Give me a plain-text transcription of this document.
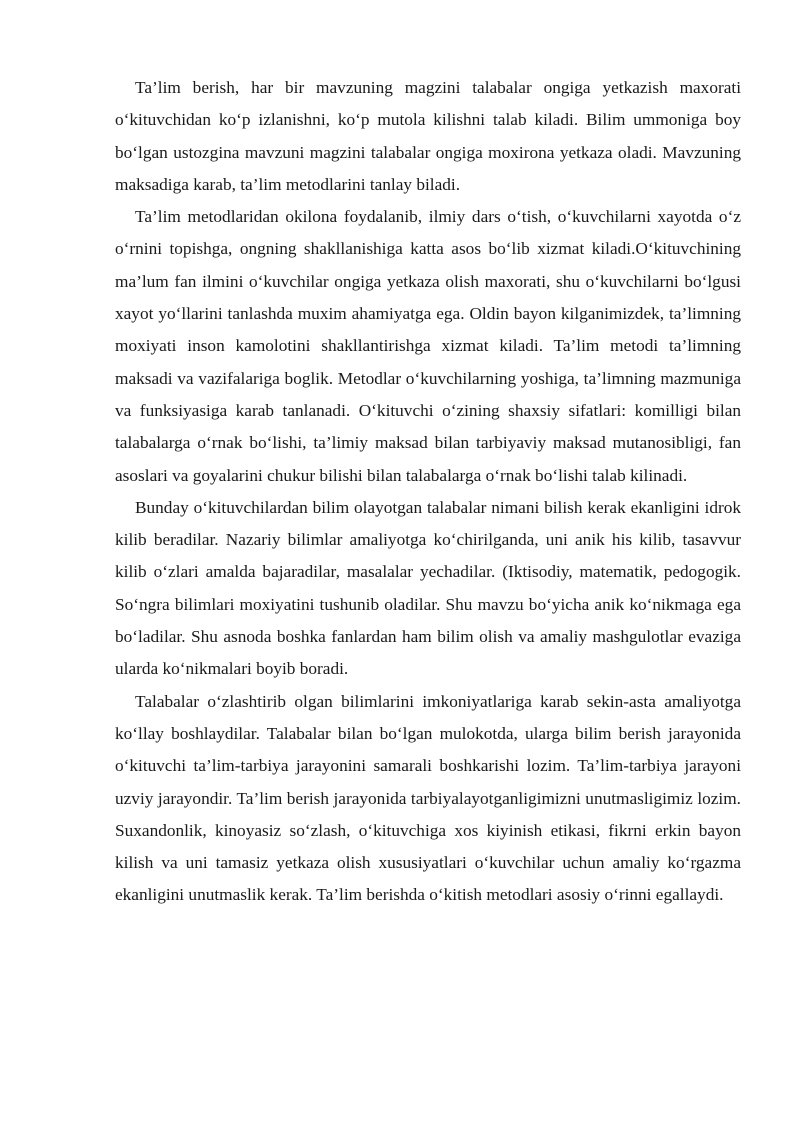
Ta’lim berish, har bir mavzuning magzini talabalar ongiga yetkazish maxorati o‘kituvchidan ko‘p izlanishni, ko‘p mutola kilishni talab kiladi. Bilim ummoniga boy bo‘lgan ustozgina mavzuni magzini talabalar ongiga moxirona yetkaza oladi. Mavzuning maksadiga karab, ta’lim metodlarini tanlay biladi.

Ta’lim metodlaridan okilona foydalanib, ilmiy dars o‘tish, o‘kuvchilarni xayotda o‘z o‘rnini topishga, ongning shakllanishiga katta asos bo‘lib xizmat kiladi.O‘kituvchining ma’lum fan ilmini o‘kuvchilar ongiga yetkaza olish maxorati, shu o‘kuvchilarni bo‘lgusi xayot yo‘llarini tanlashda muxim ahamiyatga ega. Oldin bayon kilganimizdek, ta’limning moxiyati inson kamolotini shakllantirishga xizmat kiladi. Ta’lim metodi ta’limning maksadi va vazifalariga boglik. Metodlar o‘kuvchilarning yoshiga, ta’limning mazmuniga va funksiyasiga karab tanlanadi. O‘kituvchi o‘zining shaxsiy sifatlari: komilligi bilan talabalarga o‘rnak bo‘lishi, ta’limiy maksad bilan tarbiyaviy maksad mutanosibligi, fan asoslari va goyalarini chukur bilishi bilan talabalarga o‘rnak bo‘lishi talab kilinadi.

Bunday o‘kituvchilardan bilim olayotgan talabalar nimani bilish kerak ekanligini idrok kilib beradilar. Nazariy bilimlar amaliyotga ko‘chirilganda, uni anik his kilib, tasavvur kilib o‘zlari amalda bajaradilar, masalalar yechadilar. (Iktisodiy, matematik, pedogogik. So‘ngra bilimlari moxiyatini tushunib oladilar. Shu mavzu bo‘yicha anik ko‘nikmaga ega bo‘ladilar. Shu asnoda boshka fanlardan ham bilim olish va amaliy mashgulotlar evaziga ularda ko‘nikmalari boyib boradi.

Talabalar o‘zlashtirib olgan bilimlarini imkoniyatlariga karab sekin-asta amaliyotga ko‘llay boshlaydilar. Talabalar bilan bo‘lgan mulokotda, ularga bilim berish jarayonida o‘kituvchi ta’lim-tarbiya jarayonini samarali boshkarishi lozim. Ta’lim-tarbiya jarayoni uzviy jarayondir. Ta’lim berish jarayonida tarbiyalayotganligimizni unutmasligimiz lozim. Suxandonlik, kinoyasiz so‘zlash, o‘kituvchiga xos kiyinish etikasi, fikrni erkin bayon kilish va uni tamasiz yetkaza olish xususiyatlari o‘kuvchilar uchun amaliy ko‘rgazma ekanligini unutmaslik kerak. Ta’lim berishda o‘kitish metodlari asosiy o‘rinni egallaydi.
